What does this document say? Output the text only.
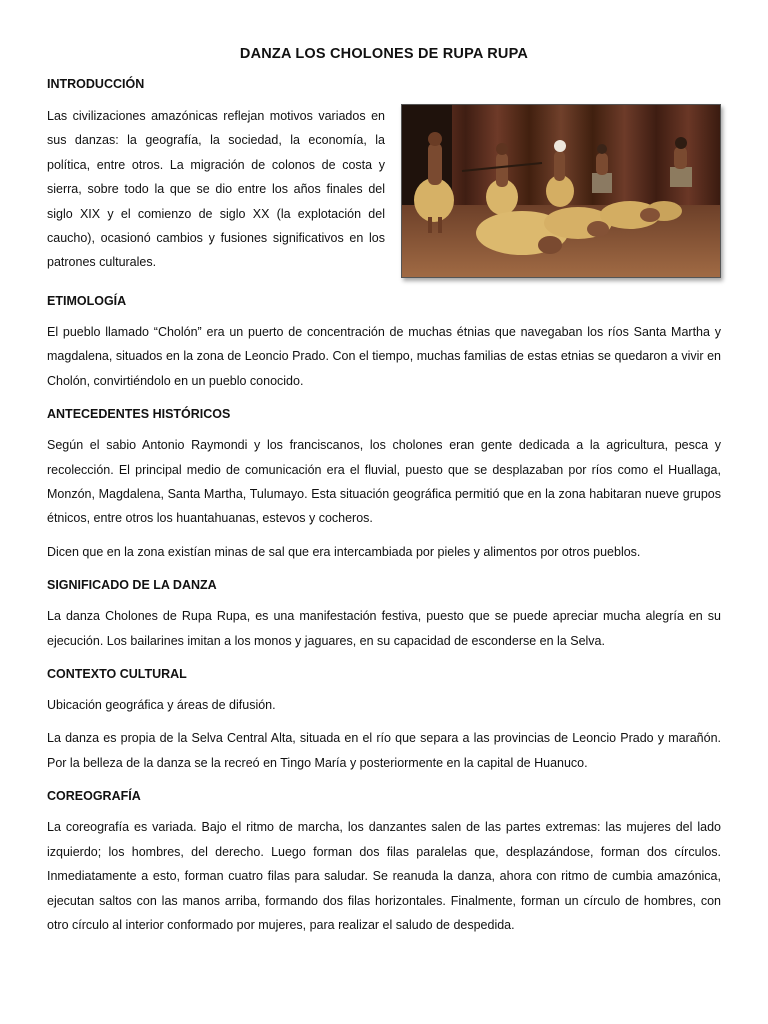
DANZA LOS CHOLONES DE RUPA RUPA
INTRODUCCIÓN

Las civilizaciones amazónicas reflejan motivos variados en sus danzas: la geografía, la sociedad, la economía, la política, entre otros. La migración de colonos de costa y sierra, sobre todo la que se dio entre los años finales del siglo XIX y el comienzo de siglo XX (la explotación del caucho), ocasionó cambios y fusiones significativos en los patrones culturales.

ETIMOLOGÍA

El pueblo llamado “Cholón” era un puerto de concentración de muchas étnias que navegaban los ríos Santa Martha y magdalena, situados en la zona de Leoncio Prado. Con el tiempo, muchas familias de estas etnias se quedaron a vivir en Cholón, convirtiéndolo en un pueblo conocido.

ANTECEDENTES HISTÓRICOS

Según el sabio Antonio Raymondi y los franciscanos, los cholones eran gente dedicada a la agricultura, pesca y recolección. El principal medio de comunicación era el fluvial, puesto que se desplazaban por ríos como el Huallaga, Monzón, Magdalena, Santa Martha, Tulumayo. Esta situación geográfica permitió que en la zona habitaran nueve grupos étnicos, entre otros los huantahuanas, estevos y cocheros.

Dicen que en la zona existían minas de sal que era intercambiada por pieles y alimentos por otros pueblos.

SIGNIFICADO DE LA DANZA

La danza Cholones de Rupa Rupa, es una manifestación festiva, puesto que se puede apreciar mucha alegría en su ejecución. Los bailarines imitan a los monos y jaguares, en su capacidad de esconderse en la Selva.

CONTEXTO CULTURAL

Ubicación geográfica y áreas de difusión.

La danza es propia de la Selva Central Alta, situada en el río que separa a las provincias de Leoncio Prado y marañón. Por la belleza de la danza se la recreó en Tingo María y posteriormente en la capital de Huanuco.

COREOGRAFÍA

La coreografía es variada. Bajo el ritmo de marcha, los danzantes salen de las partes extremas: las mujeres del lado izquierdo; los hombres, del derecho. Luego forman dos filas paralelas que, desplazándose, forman dos círculos. Inmediatamente a esto, forman cuatro filas para saludar. Se reanuda la danza, ahora con ritmo de cumbia amazónica, ejecutan saltos con las manos arriba, formando dos filas horizontales. Finalmente, forman un círculo de hombres, con otro círculo al interior conformado por mujeres, para realizar el saludo de despedida.
